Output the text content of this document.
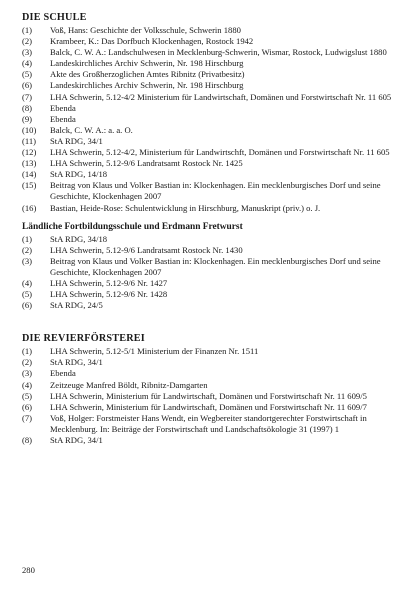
DIE SCHULE
(1) Voß, Hans: Geschichte der Volksschule, Schwerin 1880
(2) Krambeer, K.: Das Dorfbuch Klockenhagen, Rostock 1942
(3) Balck, C. W. A.: Landschulwesen in Mecklenburg-Schwerin, Wismar, Rostock, Ludwigslust 1880
(4) Landeskirchliches Archiv Schwerin, Nr. 198 Hirschburg
(5) Akte des Großherzoglichen Amtes Ribnitz (Privatbesitz)
(6) Landeskirchliches Archiv Schwerin, Nr. 198 Hirschburg
(7) LHA Schwerin, 5.12-4/2 Ministerium für Landwirtschaft, Domänen und Forstwirtschaft Nr. 11 605
(8) Ebenda
(9) Ebenda
(10) Balck, C. W. A.: a. a. O.
(11) StA RDG, 34/1
(12) LHA Schwerin, 5.12-4/2, Ministerium für Landwirtschft, Domänen und Forstwirtschaft Nr. 11 605
(13) LHA Schwerin, 5.12-9/6 Landratsamt Rostock Nr. 1425
(14) StA RDG, 14/18
(15) Beitrag von Klaus und Volker Bastian in: Klockenhagen. Ein mecklenburgisches Dorf und seine Geschichte, Klockenhagen 2007
(16) Bastian, Heide-Rose: Schulentwicklung in Hirschburg, Manuskript (priv.) o. J.
Ländliche Fortbildungsschule und Erdmann Fretwurst
(1) StA RDG, 34/18
(2) LHA Schwerin, 5.12-9/6 Landratsamt Rostock Nr. 1430
(3) Beitrag von Klaus und Volker Bastian in: Klockenhagen. Ein mecklenburgisches Dorf und seine Geschichte, Klockenhagen 2007
(4) LHA Schwerin, 5.12-9/6 Nr. 1427
(5) LHA Schwerin, 5.12-9/6 Nr. 1428
(6) StA RDG, 24/5
DIE REVIERFÖRSTEREI
(1) LHA Schwerin, 5.12-5/1 Ministerium der Finanzen Nr. 1511
(2) StA RDG, 34/1
(3) Ebenda
(4) Zeitzeuge Manfred Böldt, Ribnitz-Damgarten
(5) LHA Schwerin, Ministerium für Landwirtschaft, Domänen und Forstwirtschaft Nr. 11 609/5
(6) LHA Schwerin, Ministerium für Landwirtschaft, Domänen und Forstwirtschaft Nr. 11 609/7
(7) Voß, Holger: Forstmeister Hans Wendt, ein Wegbereiter standortgerechter Forstwirtschaft in Mecklenburg. In: Beiträge der Forstwirtschaft und Landschaftsökologie 31 (1997) 1
(8) StA RDG, 34/1
280
